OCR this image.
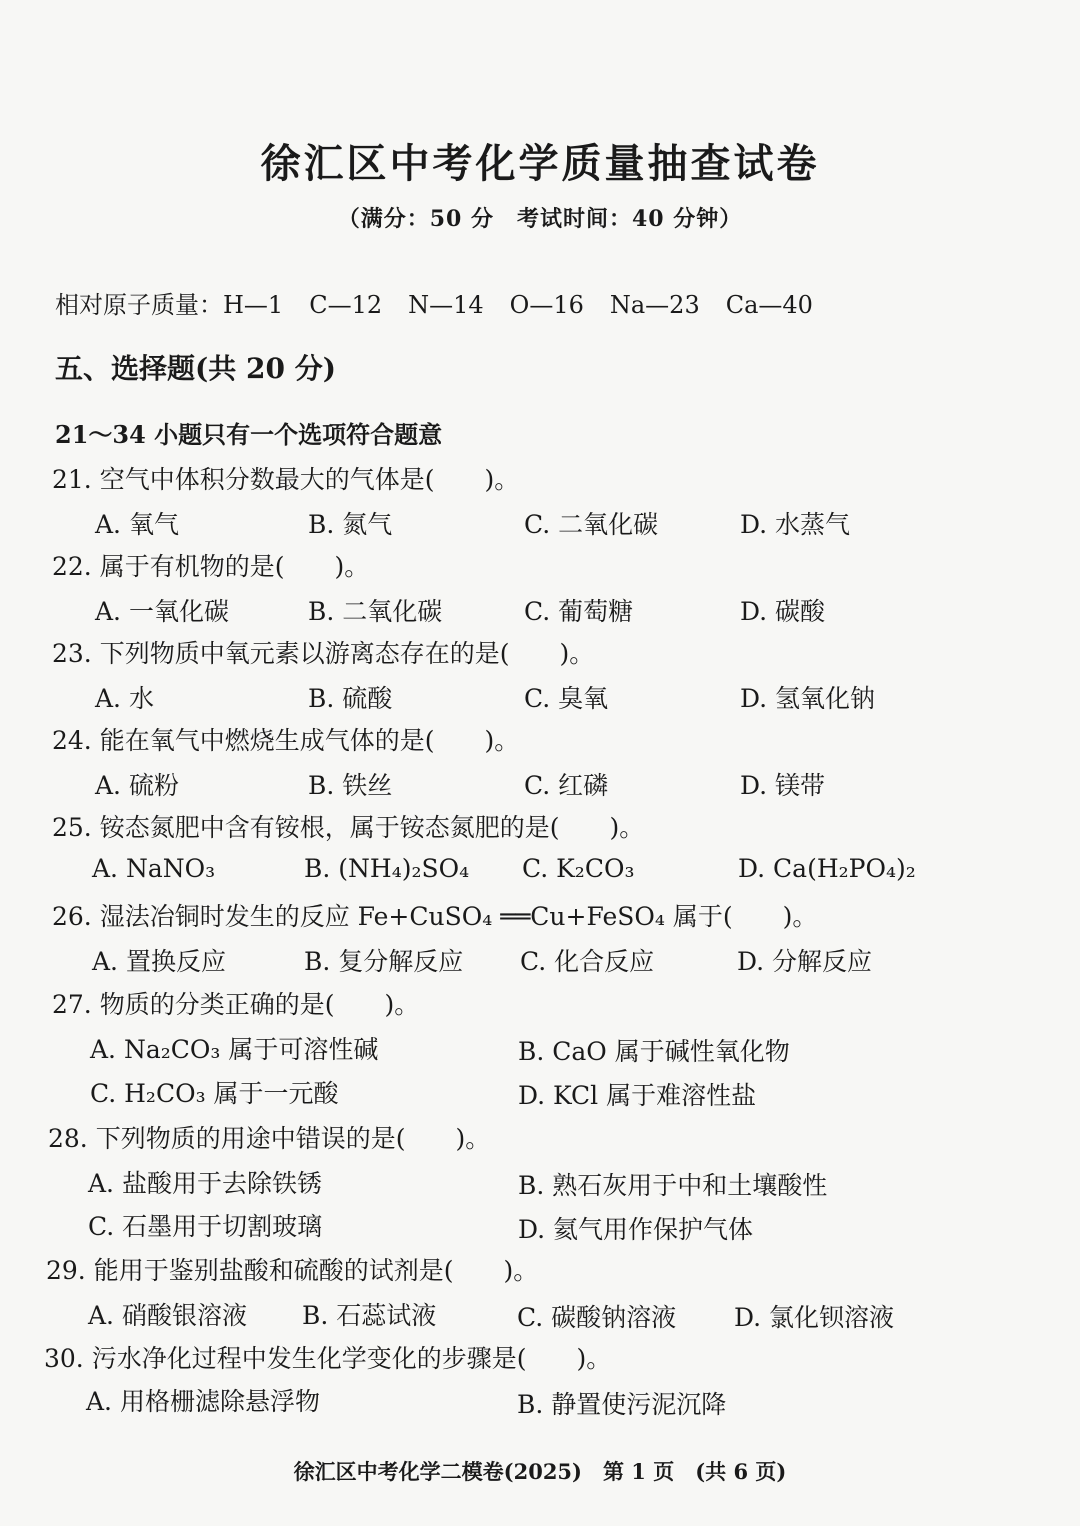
徐汇区中考化学质量抽查试卷
（满分：50 分　考试时间：40 分钟）
相对原子质量：H—1 C—12 N—14 O—16 Na—23 Ca—40
五、选择题(共 20 分)
21～34 小题只有一个选项符合题意
21. 空气中体积分数最大的气体是(　　)。
A. 氧气	B. 氮气	C. 二氧化碳	D. 水蒸气
22. 属于有机物的是(　　)。
A. 一氧化碳	B. 二氧化碳	C. 葡萄糖	D. 碳酸
23. 下列物质中氧元素以游离态存在的是(　　)。
A. 水	B. 硫酸	C. 臭氧	D. 氢氧化钠
24. 能在氧气中燃烧生成气体的是(　　)。
A. 硫粉	B. 铁丝	C. 红磷	D. 镁带
25. 铵态氮肥中含有铵根，属于铵态氮肥的是(　　)。
A. NaNO₃	B. (NH₄)₂SO₄ C. K₂CO₃	D. Ca(H₂PO₄)₂
26. 湿法冶铜时发生的反应 Fe+CuSO₄ ══Cu+FeSO₄ 属于(　　)。
A. 置换反应	B. 复分解反应 C. 化合反应	D. 分解反应
27. 物质的分类正确的是(　　)。
A. Na₂CO₃ 属于可溶性碱	B. CaO 属于碱性氧化物
C. H₂CO₃ 属于一元酸	D. KCl 属于难溶性盐
28. 下列物质的用途中错误的是(　　)。
A. 盐酸用于去除铁锈	B. 熟石灰用于中和土壤酸性
C. 石墨用于切割玻璃	D. 氦气用作保护气体
29. 能用于鉴别盐酸和硫酸的试剂是(　　)。
A. 硝酸银溶液 B. 石蕊试液	C. 碳酸钠溶液 D. 氯化钡溶液
30. 污水净化过程中发生化学变化的步骤是(　　)。
A. 用格栅滤除悬浮物	B. 静置使污泥沉降
徐汇区中考化学二模卷(2025)　第 1 页　(共 6 页)
